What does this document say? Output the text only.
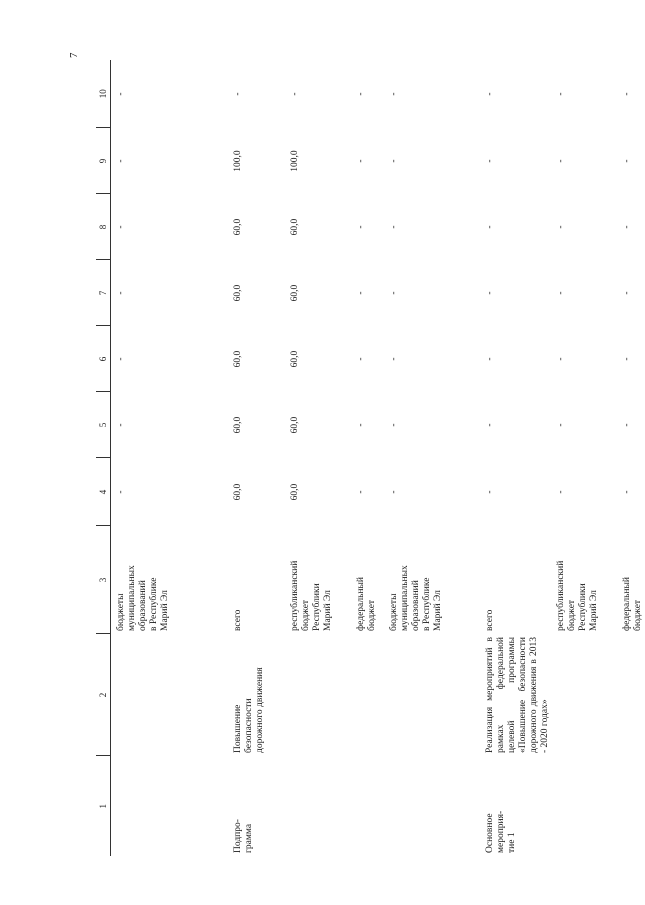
7
1	2	3	4	5	6	7	8	9	10

		бюджеты
муниципальных
образований
в Республике
Марий Эл	-	-	-	-	-	-	-

Подпро-
грамма	Повышение
безопасности
дорожного движения	всего	60,0	60,0	60,0	60,0	60,0	100,0	-

		республиканский
бюджет
Республики
Марий Эл	60,0	60,0	60,0	60,0	60,0	100,0	-

		федеральный
бюджет	-	-	-	-	-	-	-

		бюджеты
муниципальных
образований
в Республике
Марий Эл	-	-	-	-	-	-	-

Основное
мероприя-
тие 1	Реализация мероприятий в рамках федеральной целевой программы «Повышение безопасности дорожного движения в 2013 - 2020 годах»	всего	-	-	-	-	-	-	-

		республиканский
бюджет
Республики
Марий Эл	-	-	-	-	-	-	-

		федеральный
бюджет	-	-	-	-	-	-	-
